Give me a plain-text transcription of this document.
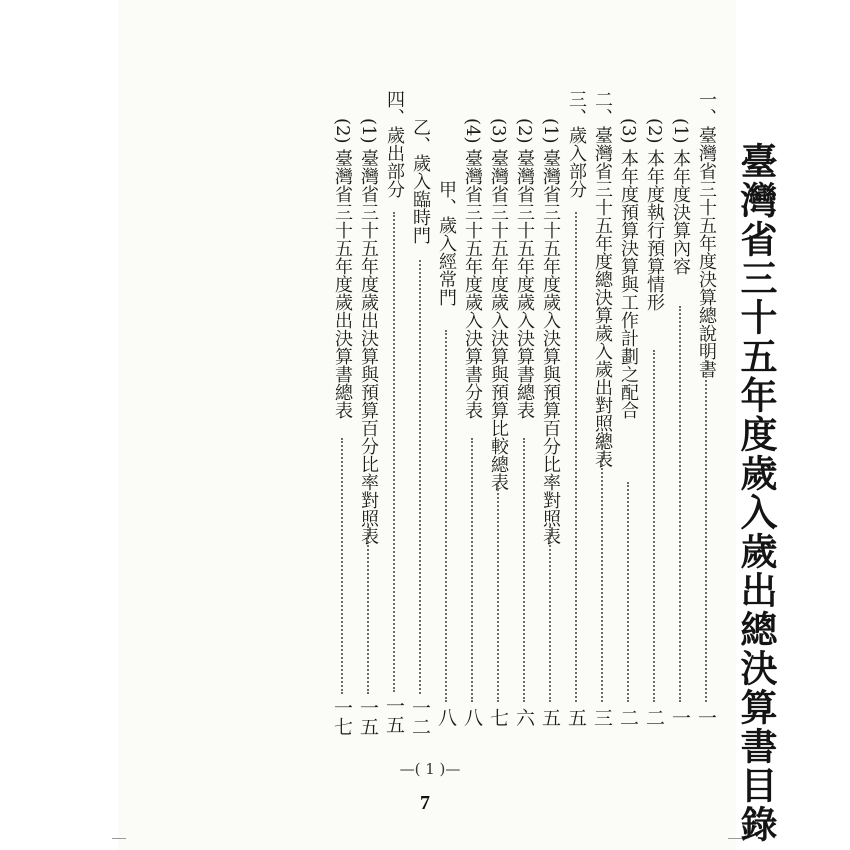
臺灣省三十五年度歲入歲出總決算書目錄
一、臺灣省三十五年度決算總說明書
一
(1) 本年度決算內容
一
(2) 本年度執行預算情形
二
(3) 本年度預算決算與工作計劃之配合
二
二、臺灣省三十五年度總決算歲入歲出對照總表
三
三、歲入部分
五
(1) 臺灣省三十五年度歲入決算與預算百分比率對照表
五
(2) 臺灣省三十五年度歲入決算書總表
六
(3) 臺灣省三十五年度歲入決算與預算比較總表
七
(4) 臺灣省三十五年度歲入決算書分表
八
甲、歲入經常門
八
乙、歲入臨時門
一二
四、歲出部分
一五
(1) 臺灣省三十五年度歲出決算與預算百分比率對照表
一五
(2) 臺灣省三十五年度歲出決算書總表
一七
—( 1 )—
7
